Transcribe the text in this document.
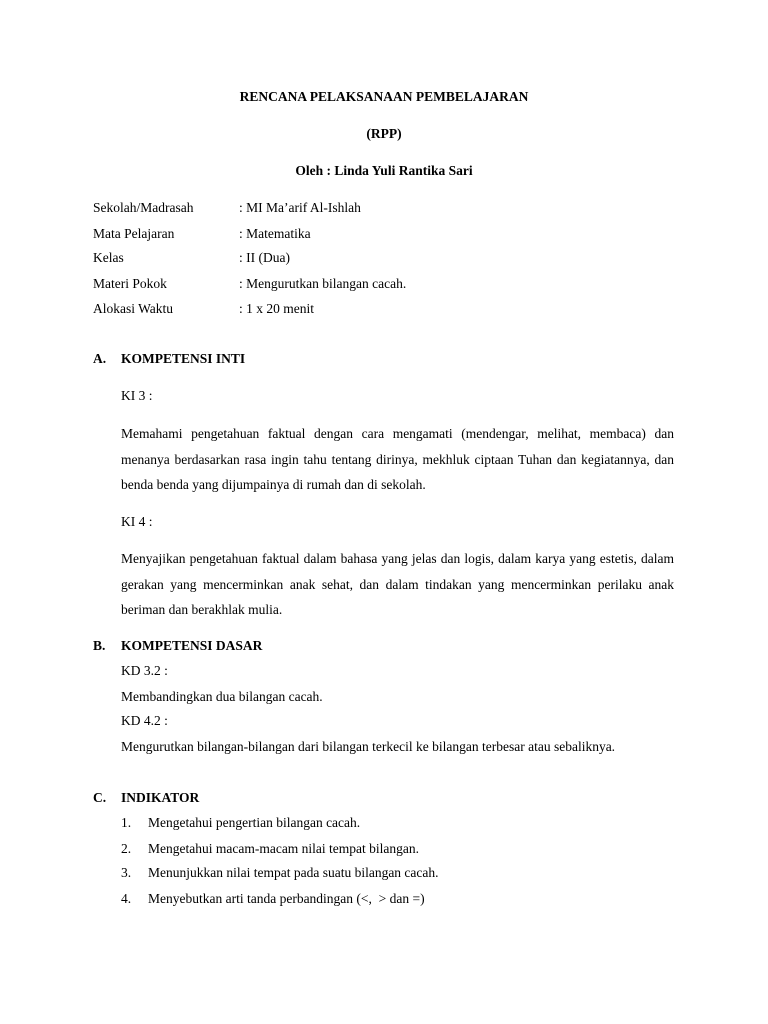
RENCANA PELAKSANAAN PEMBELAJARAN
(RPP)
Oleh : Linda Yuli Rantika Sari
Sekolah/Madrasah	: MI Ma’arif Al-Ishlah
Mata Pelajaran	: Matematika
Kelas	: II (Dua)
Materi Pokok	: Mengurutkan bilangan cacah.
Alokasi Waktu	: 1 x 20 menit
A. KOMPETENSI INTI
KI 3 :
Memahami pengetahuan faktual dengan cara mengamati (mendengar, melihat, membaca) dan menanya berdasarkan rasa ingin tahu tentang dirinya, mekhluk ciptaan Tuhan dan kegiatannya, dan benda benda yang dijumpainya di rumah dan di sekolah.
KI 4 :
Menyajikan pengetahuan faktual dalam bahasa yang jelas dan logis, dalam karya yang estetis, dalam gerakan yang mencerminkan anak sehat, dan dalam tindakan yang mencerminkan perilaku anak beriman dan berakhlak mulia.
B. KOMPETENSI DASAR
KD 3.2 :
Membandingkan dua bilangan cacah.
KD 4.2 :
Mengurutkan bilangan-bilangan dari bilangan terkecil ke bilangan terbesar atau sebaliknya.
C. INDIKATOR
1. Mengetahui pengertian bilangan cacah.
2. Mengetahui macam-macam nilai tempat bilangan.
3. Menunjukkan nilai tempat pada suatu bilangan cacah.
4. Menyebutkan arti tanda perbandingan (<,  > dan =)
